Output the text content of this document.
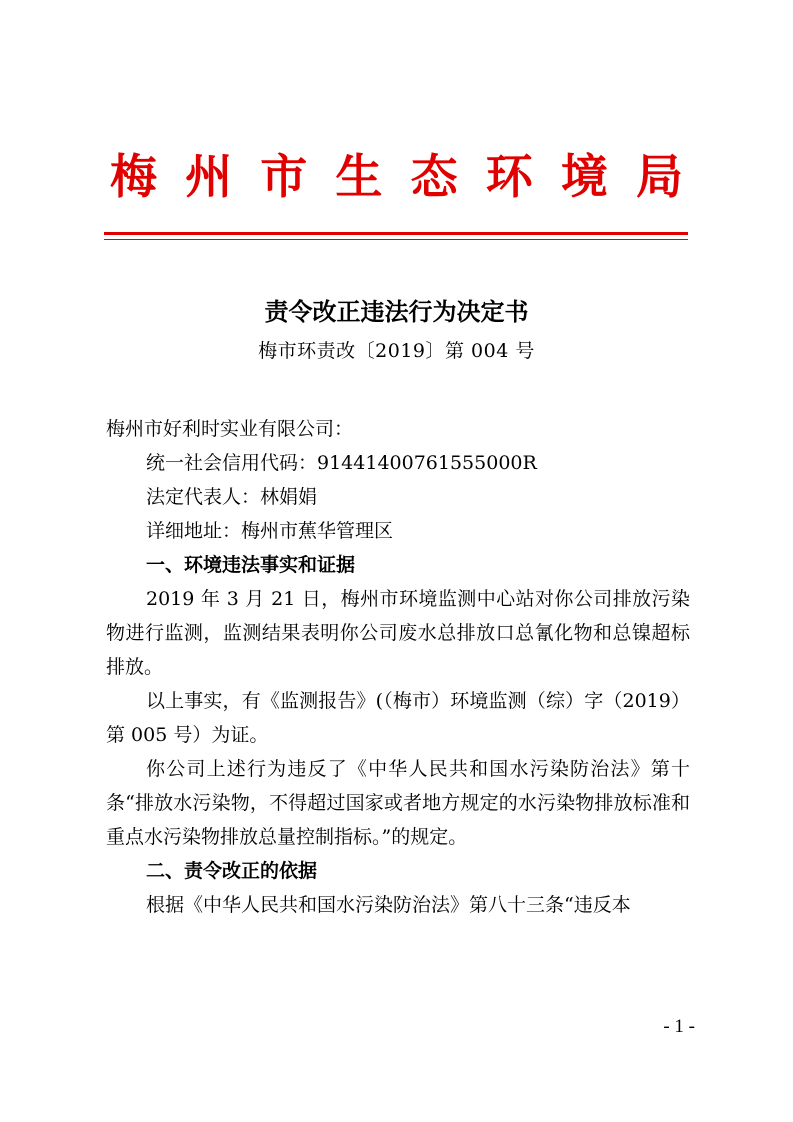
梅州市生态环境局
责令改正违法行为决定书
梅市环责改〔2019〕第 004 号

梅州市好利时实业有限公司：

统一社会信用代码：91441400761555000R

法定代表人：林娟娟

详细地址：梅州市蕉华管理区

一、环境违法事实和证据

2019 年 3 月 21 日，梅州市环境监测中心站对你公司排放污染物进行监测，监测结果表明你公司废水总排放口总氰化物和总镍超标排放。

以上事实，有《监测报告》(（梅市）环境监测（综）字（2019）第 005 号）为证。

你公司上述行为违反了《中华人民共和国水污染防治法》第十条“排放水污染物，不得超过国家或者地方规定的水污染物排放标准和重点水污染物排放总量控制指标。”的规定。

二、责令改正的依据

根据《中华人民共和国水污染防治法》第八十三条“违反本

- 1 -
